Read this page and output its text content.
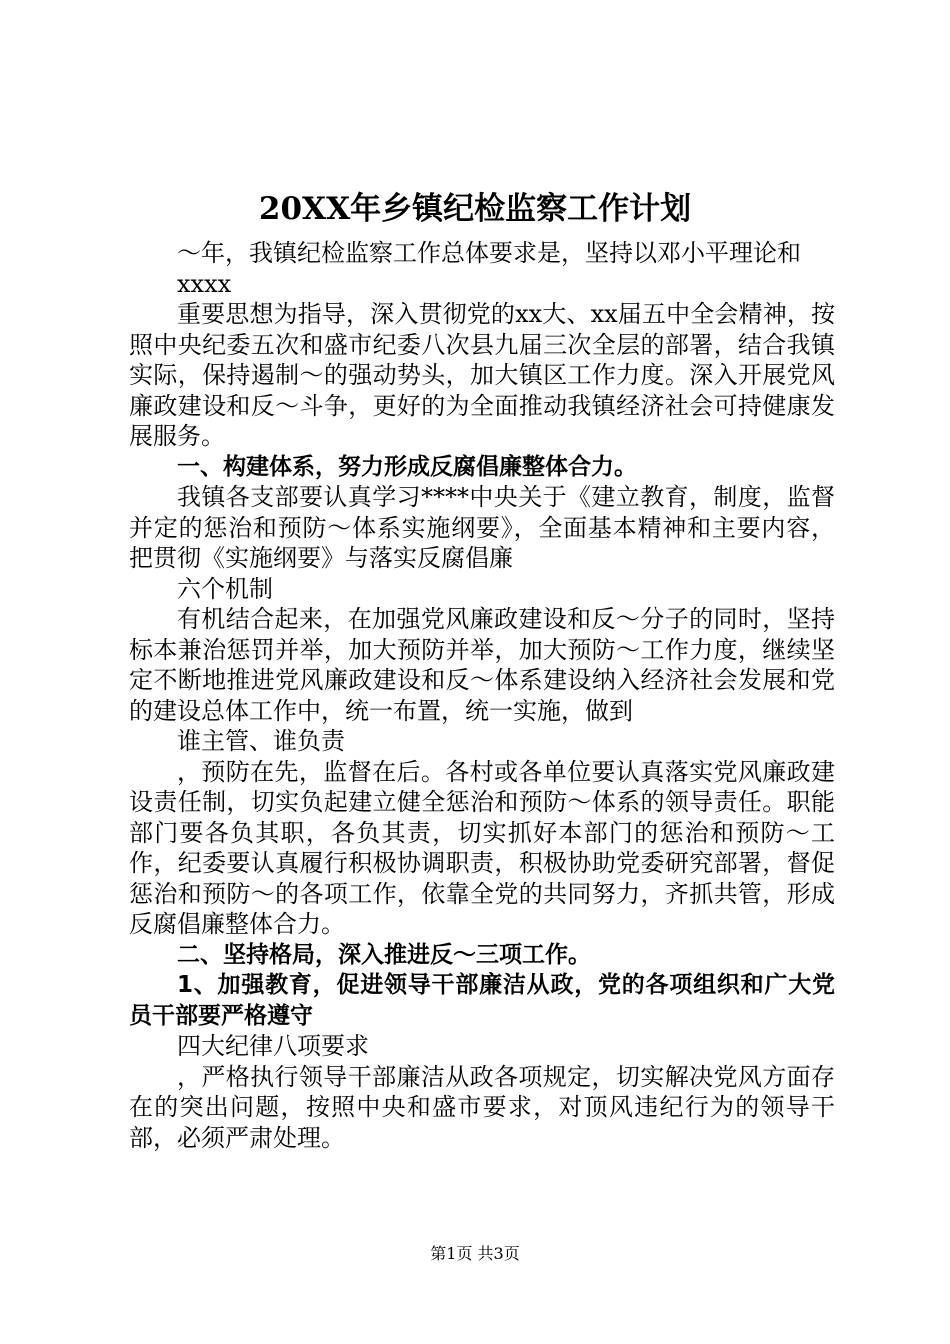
20XX年乡镇纪检监察工作计划

～年，我镇纪检监察工作总体要求是，坚持以邓小平理论和

xxxx

重要思想为指导，深入贯彻党的xx大、xx届五中全会精神，按照中央纪委五次和盛市纪委八次县九届三次全层的部署，结合我镇实际，保持遏制～的强动势头，加大镇区工作力度。深入开展党风廉政建设和反～斗争，更好的为全面推动我镇经济社会可持健康发展服务。

一、构建体系，努力形成反腐倡廉整体合力。

我镇各支部要认真学习****中央关于《建立教育，制度，监督并定的惩治和预防～体系实施纲要》，全面基本精神和主要内容，把贯彻《实施纲要》与落实反腐倡廉

六个机制

有机结合起来，在加强党风廉政建设和反～分子的同时，坚持标本兼治惩罚并举，加大预防并举，加大预防～工作力度，继续坚定不断地推进党风廉政建设和反～体系建设纳入经济社会发展和党的建设总体工作中，统一布置，统一实施，做到

谁主管、谁负责

，预防在先，监督在后。各村或各单位要认真落实党风廉政建设责任制，切实负起建立健全惩治和预防～体系的领导责任。职能部门要各负其职，各负其责，切实抓好本部门的惩治和预防～工作，纪委要认真履行积极协调职责，积极协助党委研究部署，督促惩治和预防～的各项工作，依靠全党的共同努力，齐抓共管，形成反腐倡廉整体合力。

二、坚持格局，深入推进反～三项工作。

1、加强教育，促进领导干部廉洁从政，党的各项组织和广大党员干部要严格遵守

四大纪律八项要求

，严格执行领导干部廉洁从政各项规定，切实解决党风方面存在的突出问题，按照中央和盛市要求，对顶风违纪行为的领导干部，必须严肃处理。

第1页 共3页
